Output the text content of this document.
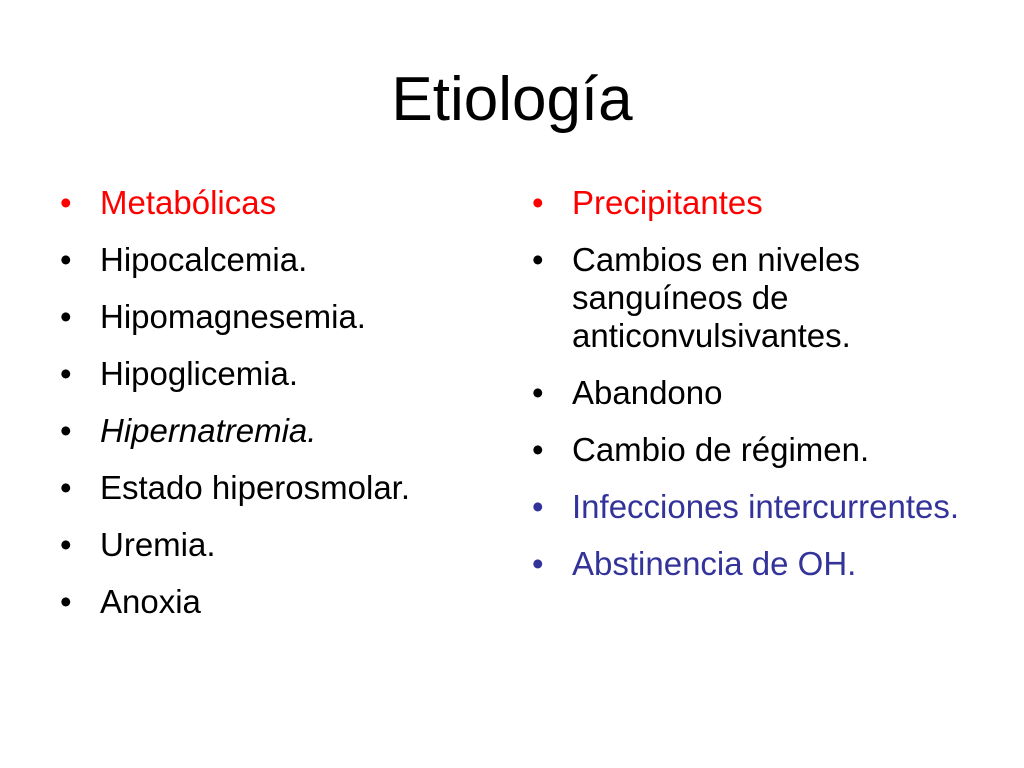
Etiología
• Metabólicas
• Hipocalcemia.
• Hipomagnesemia.
• Hipoglicemia.
• Hipernatremia.
• Estado hiperosmolar.
• Uremia.
• Anoxia
• Precipitantes
• Cambios en niveles sanguíneos de anticonvulsivantes.
• Abandono
• Cambio de régimen.
• Infecciones intercurrentes.
• Abstinencia de OH.
